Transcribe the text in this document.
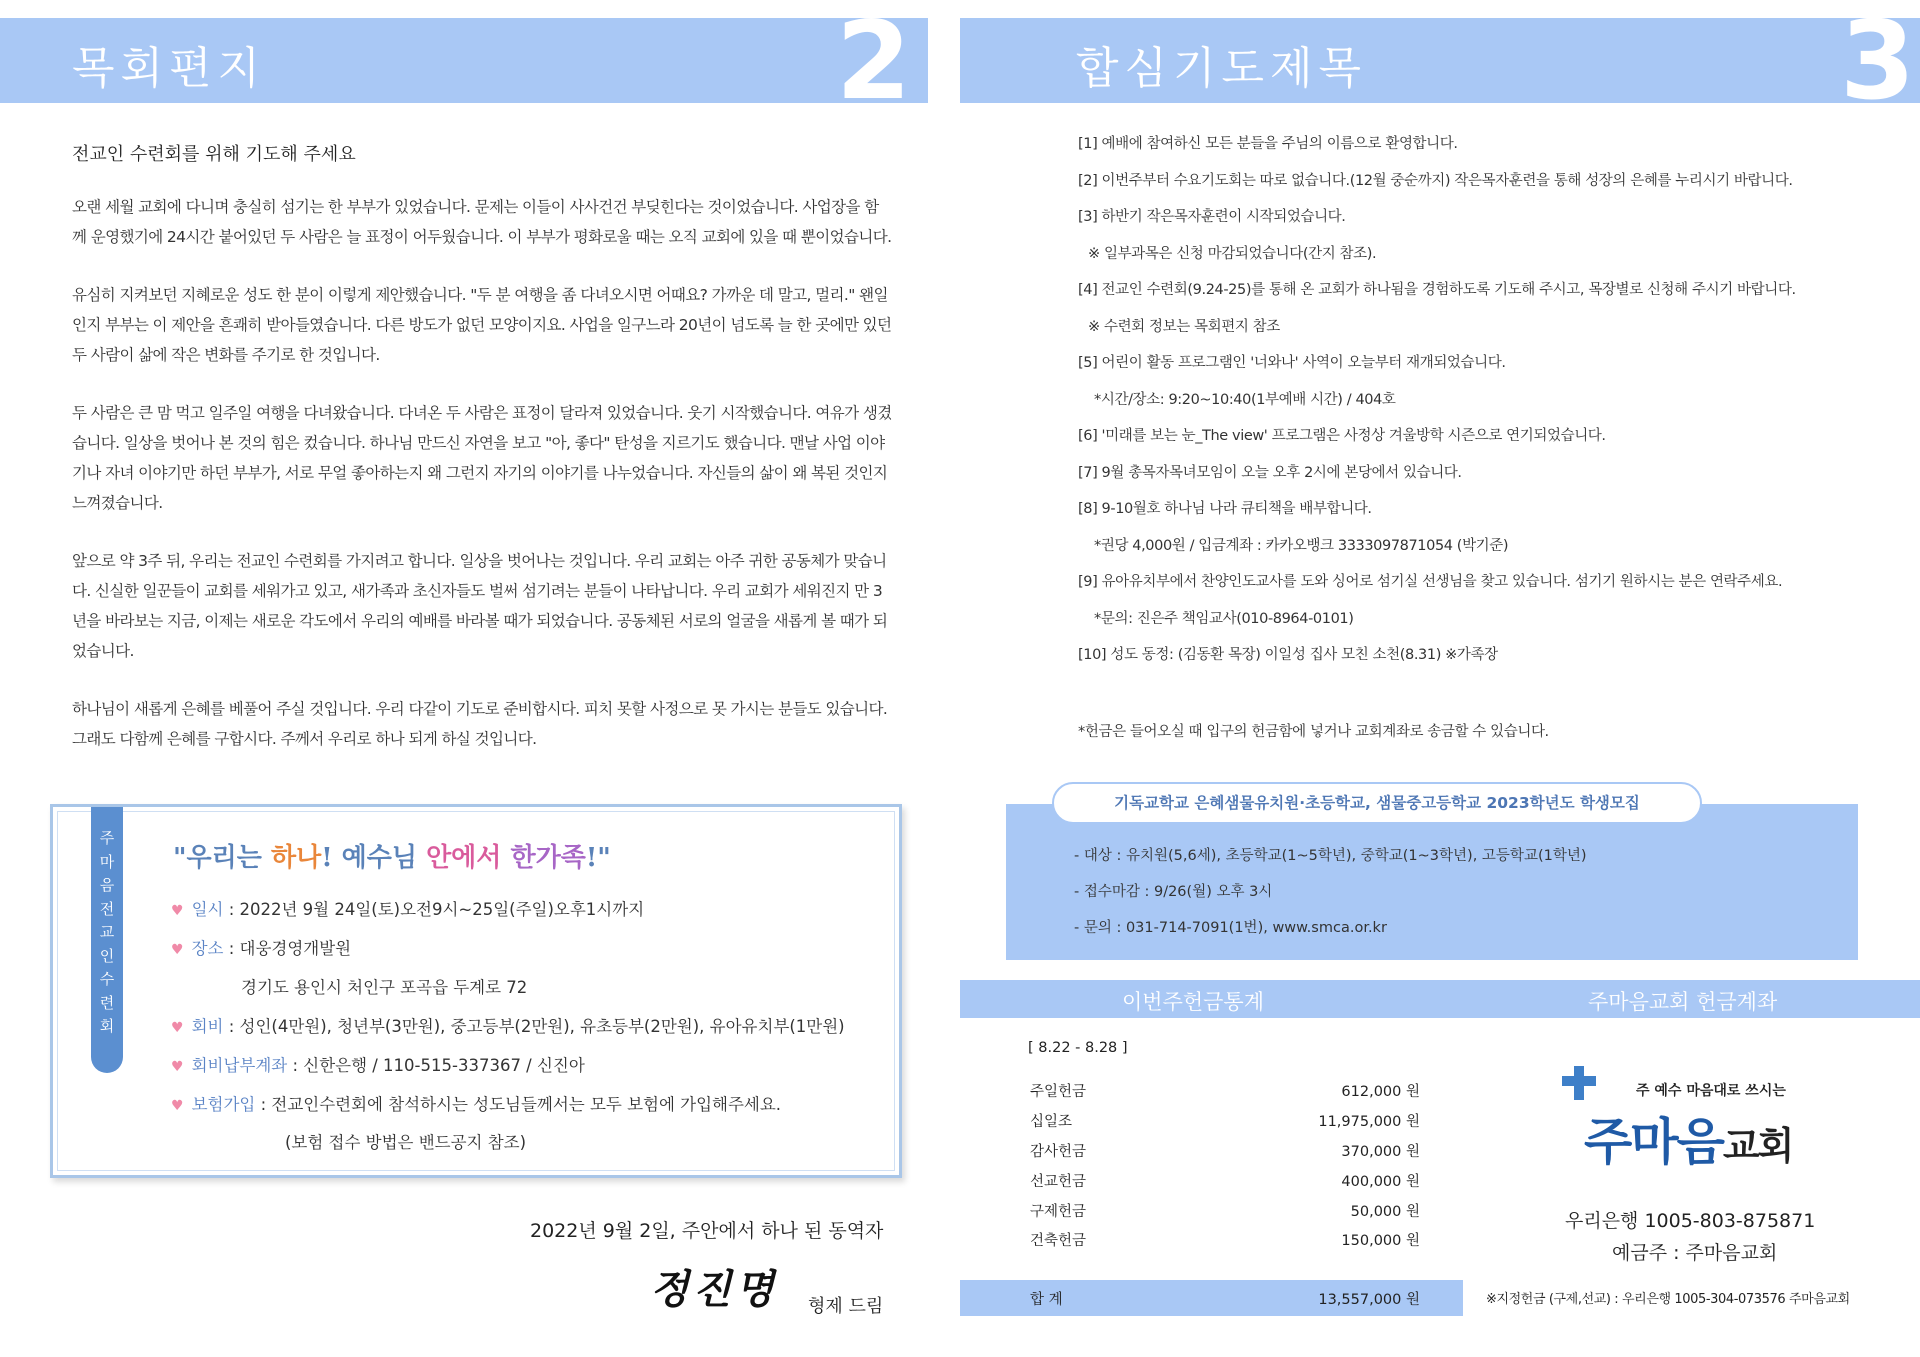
목회편지	2
전교인 수련회를 위해 기도해 주세요

오랜 세월 교회에 다니며 충실히 섬기는 한 부부가 있었습니다. 문제는 이들이 사사건건 부딪힌다는 것이었습니다. 사업장을 함께 운영했기에 24시간 붙어있던 두 사람은 늘 표정이 어두웠습니다. 이 부부가 평화로울 때는 오직 교회에 있을 때 뿐이었습니다.

유심히 지켜보던 지혜로운 성도 한 분이 이렇게 제안했습니다. "두 분 여행을 좀 다녀오시면 어때요? 가까운 데 말고, 멀리." 왠일인지 부부는 이 제안을 흔쾌히 받아들였습니다. 다른 방도가 없던 모양이지요. 사업을 일구느라 20년이 넘도록 늘 한 곳에만 있던 두 사람이 삶에 작은 변화를 주기로 한 것입니다.

두 사람은 큰 맘 먹고 일주일 여행을 다녀왔습니다. 다녀온 두 사람은 표정이 달라져 있었습니다. 웃기 시작했습니다. 여유가 생겼습니다. 일상을 벗어나 본 것의 힘은 컸습니다. 하나님 만드신 자연을 보고 "아, 좋다" 탄성을 지르기도 했습니다. 맨날 사업 이야기나 자녀 이야기만 하던 부부가, 서로 무얼 좋아하는지 왜 그런지 자기의 이야기를 나누었습니다. 자신들의 삶이 왜 복된 것인지 느껴졌습니다.

앞으로 약 3주 뒤, 우리는 전교인 수련회를 가지려고 합니다. 일상을 벗어나는 것입니다. 우리 교회는 아주 귀한 공동체가 맞습니다. 신실한 일꾼들이 교회를 세워가고 있고, 새가족과 초신자들도 벌써 섬기려는 분들이 나타납니다. 우리 교회가 세워진지 만 3년을 바라보는 지금, 이제는 새로운 각도에서 우리의 예배를 바라볼 때가 되었습니다. 공동체된 서로의 얼굴을 새롭게 볼 때가 되었습니다.

하나님이 새롭게 은혜를 베풀어 주실 것입니다. 우리 다같이 기도로 준비합시다. 피치 못할 사정으로 못 가시는 분들도 있습니다. 그래도 다함께 은혜를 구합시다. 주께서 우리로 하나 되게 하실 것입니다.

주
마
음
전
교
인
수
련
회
"우리는 하나! 예수님 안에서 한가족!"
♥ 일시 : 2022년 9월 24일(토)오전9시~25일(주일)오후1시까지
♥ 장소 : 대웅경영개발원
경기도 용인시 처인구 포곡읍 두계로 72
♥ 회비 : 성인(4만원), 청년부(3만원), 중고등부(2만원), 유초등부(2만원), 유아유치부(1만원)
♥ 회비납부계좌 : 신한은행 / 110-515-337367 / 신진아
♥ 보험가입 : 전교인수련회에 참석하시는 성도님들께서는 모두 보험에 가입해주세요.
(보험 접수 방법은 밴드공지 참조)
2022년 9월 2일, 주안에서 하나 된 동역자
정진명 형제 드림
합심기도제목	3
[1] 예배에 참여하신 모든 분들을 주님의 이름으로 환영합니다.
[2] 이번주부터 수요기도회는 따로 없습니다.(12월 중순까지) 작은목자훈련을 통해 성장의 은혜를 누리시기 바랍니다.
[3] 하반기 작은목자훈련이 시작되었습니다.
※ 일부과목은 신청 마감되었습니다(간지 참조).
[4] 전교인 수련회(9.24-25)를 통해 온 교회가 하나됨을 경험하도록 기도해 주시고, 목장별로 신청해 주시기 바랍니다.
※ 수련회 정보는 목회편지 참조
[5] 어린이 활동 프로그램인 '너와나' 사역이 오늘부터 재개되었습니다.
*시간/장소: 9:20~10:40(1부예배 시간) / 404호
[6] '미래를 보는 눈_The view' 프로그램은 사정상 겨울방학 시즌으로 연기되었습니다.
[7] 9월 총목자목녀모임이 오늘 오후 2시에 본당에서 있습니다.
[8] 9-10월호 하나님 나라 큐티책을 배부합니다.
*권당 4,000원 / 입금계좌 : 카카오뱅크 3333097871054 (박기준)
[9] 유아유치부에서 찬양인도교사를 도와 싱어로 섬기실 선생님을 찾고 있습니다. 섬기기 원하시는 분은 연락주세요.
*문의: 진은주 책임교사(010-8964-0101)
[10] 성도 동정: (김동환 목장) 이일성 집사 모친 소천(8.31) ※가족장
*헌금은 들어오실 때 입구의 헌금함에 넣거나 교회계좌로 송금할 수 있습니다.
기독교학교 은혜샘물유치원·초등학교, 샘물중고등학교 2023학년도 학생모집
- 대상 : 유치원(5,6세), 초등학교(1~5학년), 중학교(1~3학년), 고등학교(1학년)
- 접수마감 : 9/26(월) 오후 3시
- 문의 : 031-714-7091(1번), www.smca.or.kr
이번주헌금통계	주마음교회 헌금계좌
[ 8.22 - 8.28 ]
주일헌금	612,000 원
십일조	11,975,000 원
감사헌금	370,000 원
선교헌금	400,000 원
구제헌금	50,000 원
건축헌금	150,000 원
합 계	13,557,000 원
주 예수 마음대로 쓰시는
주마음교회
우리은행 1005-803-875871
예금주 : 주마음교회
※지정헌금 (구제,선교) : 우리은행 1005-304-073576 주마음교회
